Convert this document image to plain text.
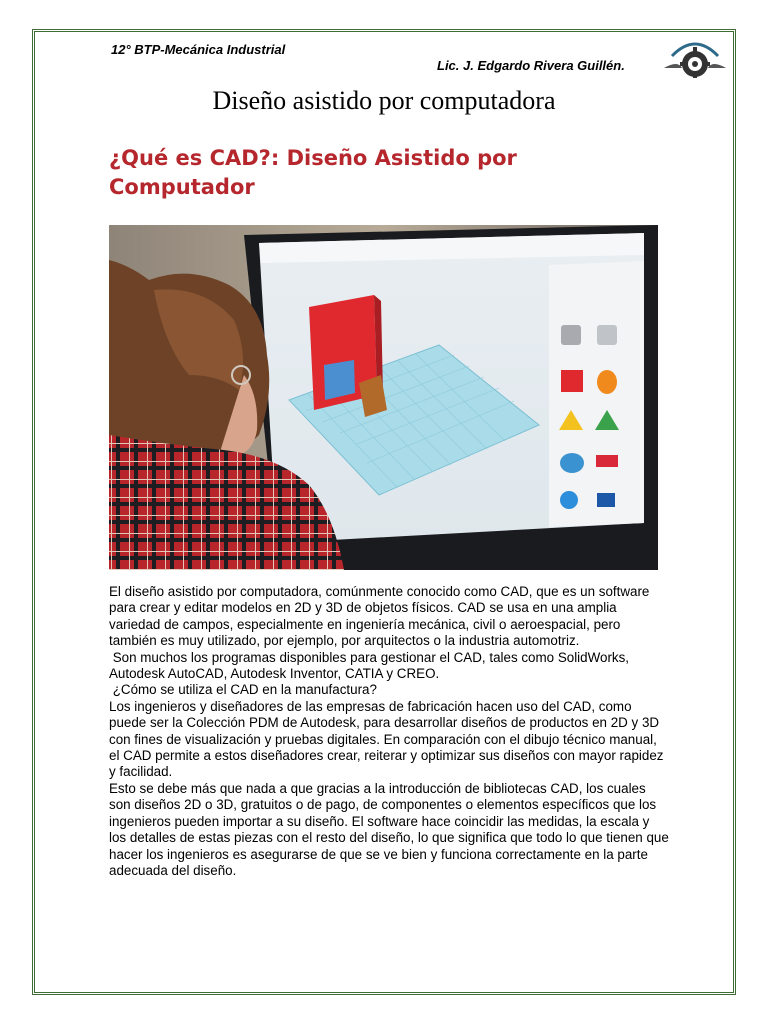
12° BTP-Mecánica Industrial
Lic. J. Edgardo Rivera Guillén.
Diseño asistido por computadora
¿Qué es CAD?: Diseño Asistido por Computador

El diseño asistido por computadora, comúnmente conocido como CAD, que es un software para crear y editar modelos en 2D y 3D de objetos físicos. CAD se usa en una amplia variedad de campos, especialmente en ingeniería mecánica, civil o aeroespacial, pero también es muy utilizado, por ejemplo, por arquitectos o la industria automotriz.

Son muchos los programas disponibles para gestionar el CAD, tales como SolidWorks, Autodesk AutoCAD, Autodesk Inventor, CATIA y CREO.

¿Cómo se utiliza el CAD en la manufactura?

Los ingenieros y diseñadores de las empresas de fabricación hacen uso del CAD, como puede ser la Colección PDM de Autodesk, para desarrollar diseños de productos en 2D y 3D con fines de visualización y pruebas digitales. En comparación con el dibujo técnico manual, el CAD permite a estos diseñadores crear, reiterar y optimizar sus diseños con mayor rapidez y facilidad.

Esto se debe más que nada a que gracias a la introducción de bibliotecas CAD, los cuales son diseños 2D o 3D, gratuitos o de pago, de componentes o elementos específicos que los ingenieros pueden importar a su diseño. El software hace coincidir las medidas, la escala y los detalles de estas piezas con el resto del diseño, lo que significa que todo lo que tienen que hacer los ingenieros es asegurarse de que se ve bien y funciona correctamente en la parte adecuada del diseño.
